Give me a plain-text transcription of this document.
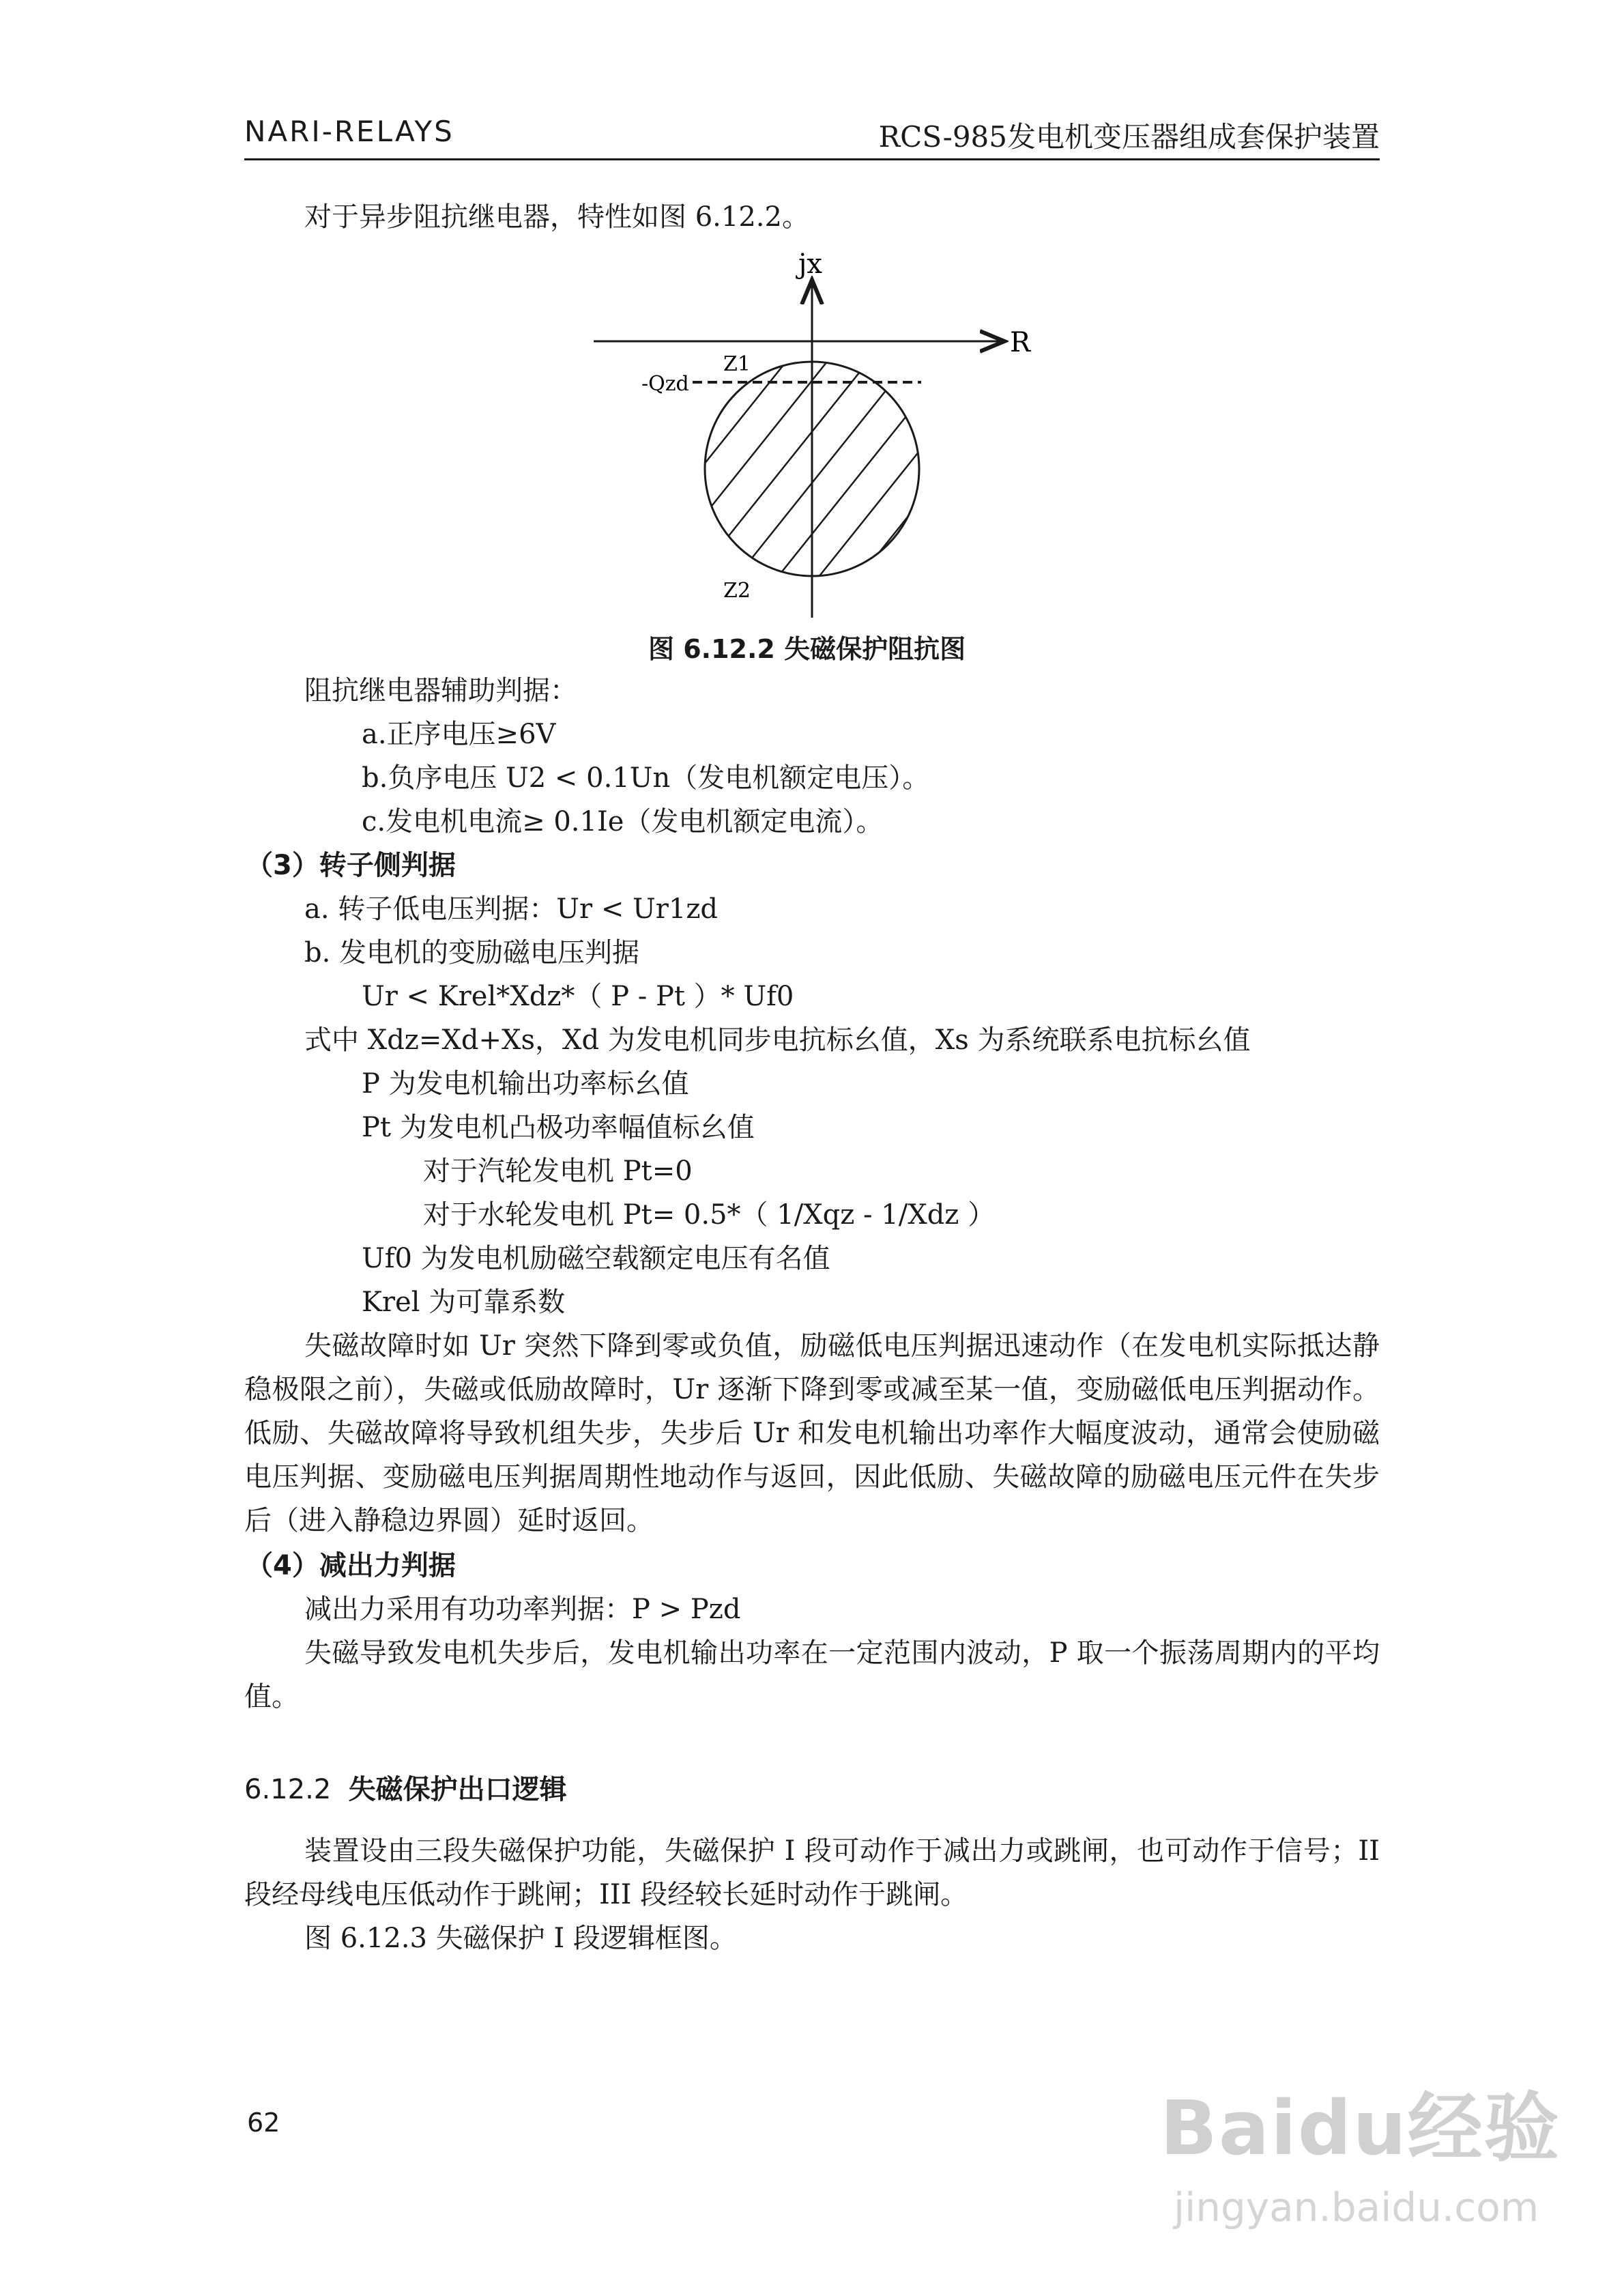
NARI-RELAYS	RCS-985发电机变压器组成套保护装置
对于异步阻抗继电器，特性如图 6.12.2。
jx
R
Z1
-Qzd
Z2
图 6.12.2 失磁保护阻抗图
阻抗继电器辅助判据：
a.正序电压≥6V
b.负序电压 U2 < 0.1Un（发电机额定电压）。
c.发电机电流≥ 0.1Ie（发电机额定电流）。
（3）转子侧判据
a. 转子低电压判据：Ur < Ur1zd
b. 发电机的变励磁电压判据
Ur < Krel*Xdz*（ P - Pt ）* Uf0
式中 Xdz=Xd+Xs，Xd 为发电机同步电抗标幺值，Xs 为系统联系电抗标幺值
P 为发电机输出功率标幺值
Pt 为发电机凸极功率幅值标幺值
对于汽轮发电机 Pt=0
对于水轮发电机 Pt= 0.5*（ 1/Xqz - 1/Xdz ）
Uf0 为发电机励磁空载额定电压有名值
Krel 为可靠系数
失磁故障时如 Ur 突然下降到零或负值，励磁低电压判据迅速动作（在发电机实际抵达静稳极限之前），失磁或低励故障时，Ur 逐渐下降到零或减至某一值，变励磁低电压判据动作。低励、失磁故障将导致机组失步，失步后 Ur 和发电机输出功率作大幅度波动，通常会使励磁电压判据、变励磁电压判据周期性地动作与返回，因此低励、失磁故障的励磁电压元件在失步后（进入静稳边界圆）延时返回。
（4）减出力判据
减出力采用有功功率判据：P > Pzd
失磁导致发电机失步后，发电机输出功率在一定范围内波动，P 取一个振荡周期内的平均值。
6.12.2 失磁保护出口逻辑
装置设由三段失磁保护功能，失磁保护 I 段可动作于减出力或跳闸，也可动作于信号；II 段经母线电压低动作于跳闸；III 段经较长延时动作于跳闸。
图 6.12.3 失磁保护 I 段逻辑框图。
62	Baidu经验
jingyan.baidu.com
